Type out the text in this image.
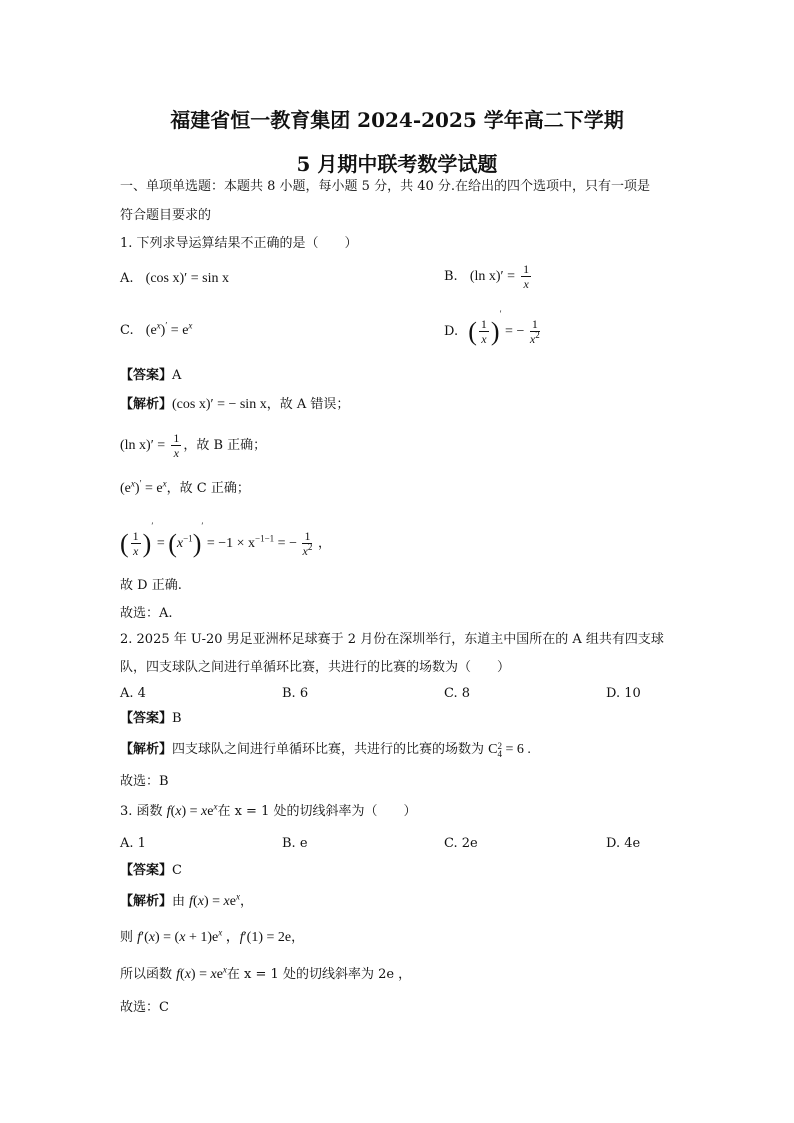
福建省恒一教育集团 2024-2025 学年高二下学期
5 月期中联考数学试题
一、单项单选题：本题共 8 小题，每小题 5 分，共 40 分.在给出的四个选项中，只有一项是
符合题目要求的
1. 下列求导运算结果不正确的是（　　）
A. (cos x)′ = sin x	B. (ln $x)' = \frac{1}{x}$
C. $(e^x)' = e^x$	D. ( $\frac{1}{x} )'$ = − $\frac{1}{x^2}$
【答案】A
【解析】(cos x)′ = − sin x，故 A 错误；
(ln $x)' = \frac{1}{x}$ ，故 B 正确；
$(e^x)' = e^x$，故 C 正确；
( $\frac{1}{x} )' = (x^{-1})' = -1 \times x^{-1-1}$ = − $\frac{1}{x^2}$ ，
故 D 正确.
故选：A.
2. 2025 年 U-20 男足亚洲杯足球赛于 2 月份在深圳举行，东道主中国所在的 A 组共有四支球
队，四支球队之间进行单循环比赛，共进行的比赛的场数为（　　）
A. 4	B. 6	C. 8	D. 10
【答案】B
【解析】四支球队之间进行单循环比赛，共进行的比赛的场数为 C 2
4 = 6 .
故选：B
3. 函数 $f(x) = xe^x$在 x = 1 处的切线斜率为（　　）
A. 1	B. e	C. 2e	D. 4e
【答案】C
【解析】由 $f(x) = xe^x$，
则 $f'(x) = (x + 1)e^x$ ，f′(1) = 2e，
所以函数 $f(x) = xe^x$在 x = 1 处的切线斜率为 2e ，
故选：C
